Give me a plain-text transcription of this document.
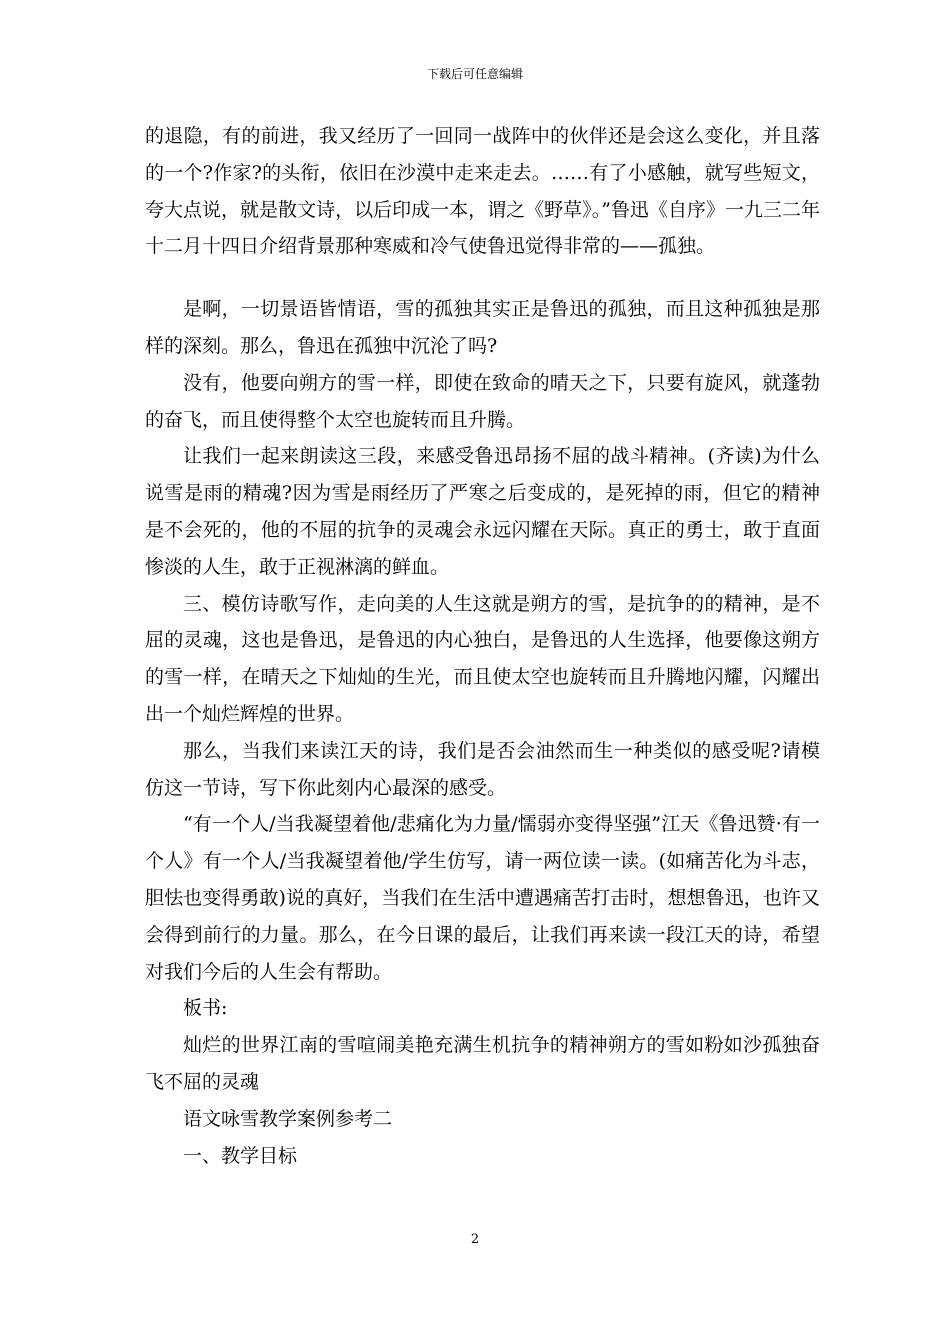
下载后可任意编辑

的退隐，有的前进，我又经历了一回同一战阵中的伙伴还是会这么变化，并且落的一个?作家?的头衔，依旧在沙漠中走来走去。……有了小感触，就写些短文，夸大点说，就是散文诗，以后印成一本，谓之《野草》。”鲁迅《自序》一九三二年十二月十四日介绍背景那种寒威和冷气使鲁迅觉得非常的——孤独。

是啊，一切景语皆情语，雪的孤独其实正是鲁迅的孤独，而且这种孤独是那样的深刻。那么，鲁迅在孤独中沉沦了吗?

没有，他要向朔方的雪一样，即使在致命的晴天之下，只要有旋风，就蓬勃的奋飞，而且使得整个太空也旋转而且升腾。

让我们一起来朗读这三段，来感受鲁迅昂扬不屈的战斗精神。(齐读)为什么说雪是雨的精魂?因为雪是雨经历了严寒之后变成的，是死掉的雨，但它的精神是不会死的，他的不屈的抗争的灵魂会永远闪耀在天际。真正的勇士，敢于直面惨淡的人生，敢于正视淋漓的鲜血。

三、模仿诗歌写作，走向美的人生这就是朔方的雪，是抗争的的精神，是不屈的灵魂，这也是鲁迅，是鲁迅的内心独白，是鲁迅的人生选择，他要像这朔方的雪一样，在晴天之下灿灿的生光，而且使太空也旋转而且升腾地闪耀，闪耀出出一个灿烂辉煌的世界。

那么，当我们来读江天的诗，我们是否会油然而生一种类似的感受呢?请模仿这一节诗，写下你此刻内心最深的感受。

“有一个人/当我凝望着他/悲痛化为力量/懦弱亦变得坚强”江天《鲁迅赞·有一个人》有一个人/当我凝望着他/学生仿写，请一两位读一读。(如痛苦化为斗志，胆怯也变得勇敢)说的真好，当我们在生活中遭遇痛苦打击时，想想鲁迅，也许又会得到前行的力量。那么，在今日课的最后，让我们再来读一段江天的诗，希望对我们今后的人生会有帮助。

板书:

灿烂的世界江南的雪喧闹美艳充满生机抗争的精神朔方的雪如粉如沙孤独奋飞不屈的灵魂

语文咏雪教学案例参考二

一、教学目标

2
